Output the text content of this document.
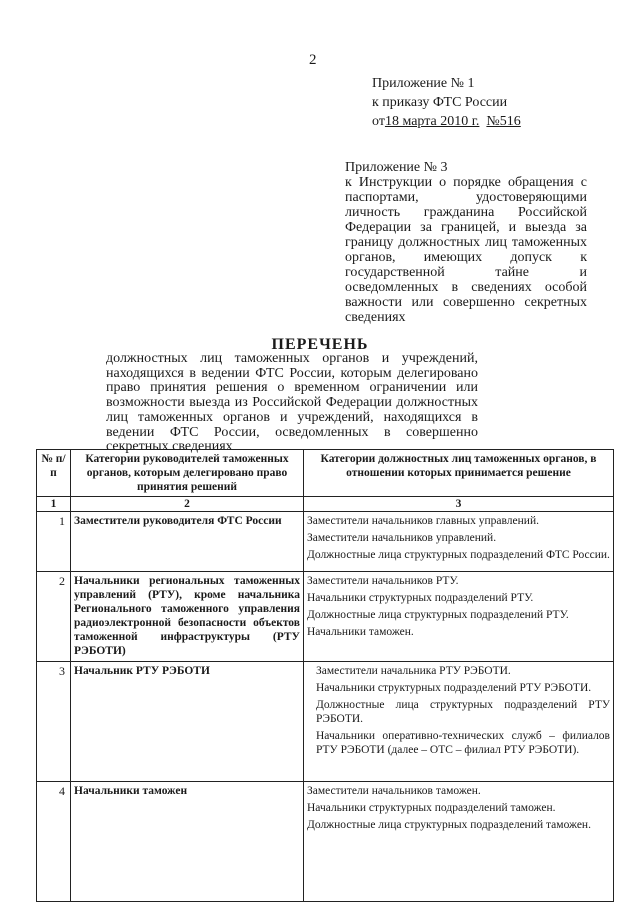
2
Приложение № 1
к приказу ФТС России
от18 марта 2010 г. №516
Приложение № 3
к Инструкции о порядке обращения с паспортами, удостоверяющими личность гражданина Российской Федерации за границей, и выезда за границу должностных лиц таможенных органов, имеющих допуск к государственной тайне и осведомленных в сведениях особой важности или совершенно секретных сведениях
ПЕРЕЧЕНЬ
должностных лиц таможенных органов и учреждений, находящихся в ведении ФТС России, которым делегировано право принятия решения о временном ограничении или возможности выезда из Российской Федерации должностных лиц таможенных органов и учреждений, находящихся в ведении ФТС России, осведомленных в совершенно секретных сведениях
№ п/п	Категории руководителей таможенных органов, которым делегировано право принятия решений	Категории должностных лиц таможенных органов, в отношении которых принимается решение
1	2	3
1	Заместители руководителя ФТС России	Заместители начальников главных управлений.
Заместители начальников управлений.
Должностные лица структурных подразделений ФТС России.

2	Начальники региональных таможенных управлений (РТУ), кроме начальника Регионального таможенного управления радиоэлектронной безопасности объектов таможенной инфраструктуры (РТУ РЭБОТИ)	Заместители начальников РТУ.
Начальники структурных подразделений РТУ.
Должностные лица структурных подразделений РТУ.
Начальники таможен.

3	Начальник РТУ РЭБОТИ	Заместители начальника РТУ РЭБОТИ.
Начальники структурных подразделений РТУ РЭБОТИ.
Должностные лица структурных подразделений РТУ РЭБОТИ.
Начальники оперативно-технических служб – филиалов РТУ РЭБОТИ (далее – ОТС – филиал РТУ РЭБОТИ).

4	Начальники таможен	Заместители начальников таможен.
Начальники структурных подразделений таможен.
Должностные лица структурных подразделений таможен.
